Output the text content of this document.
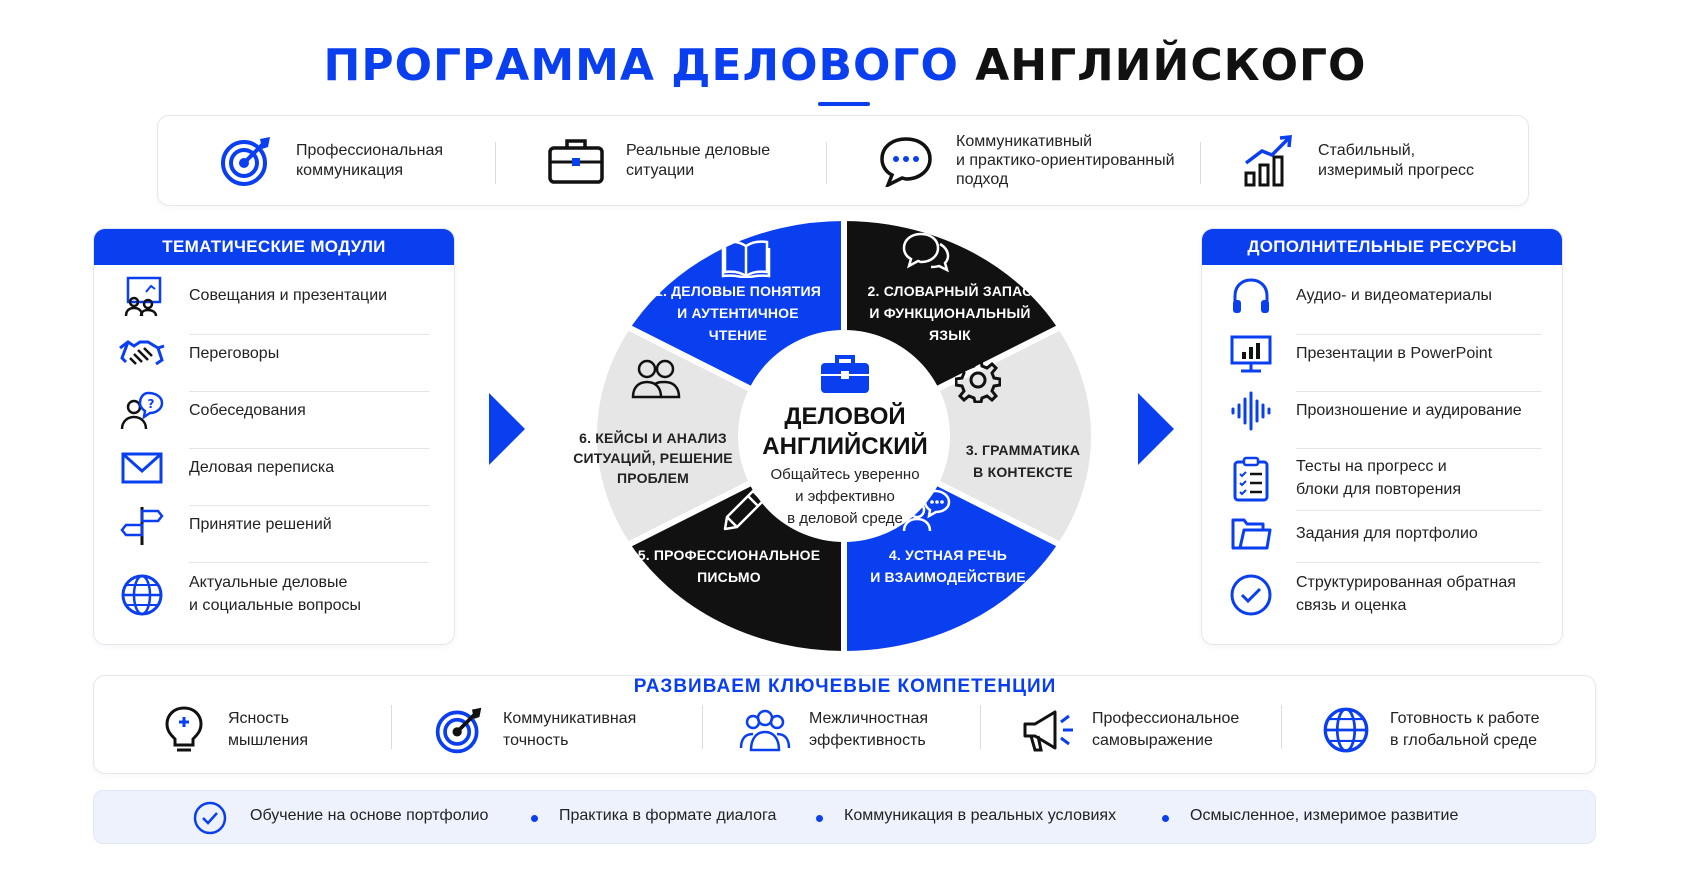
ПРОГРАММА ДЕЛОВОГО АНГЛИЙСКОГО
Профессиональная
коммуникация
Реальные деловые
ситуации
Коммуникативный
и практико-ориентированный
подход
Стабильный,
измеримый прогресс
ТЕМАТИЧЕСКИЕ МОДУЛИ
Совещания и презентации
Переговоры
? Собеседования
Деловая переписка
Принятие решений
Актуальные деловые
и социальные вопросы
ДОПОЛНИТЕЛЬНЫЕ РЕСУРСЫ
Аудио- и видеоматериалы
Презентации в PowerPoint
Произношение и аудирование
Тесты на прогресс и
блоки для повторения
Задания для портфолио
Структурированная обратная
связь и оценка
1. ДЕЛОВЫЕ ПОНЯТИЯ
И АУТЕНТИЧНОЕ
ЧТЕНИЕ
2. СЛОВАРНЫЙ ЗАПАС
И ФУНКЦИОНАЛЬНЫЙ
ЯЗЫК
3. ГРАММАТИКА
В КОНТЕКСТЕ
4. УСТНАЯ РЕЧЬ
И ВЗАИМОДЕЙСТВИЕ
5. ПРОФЕССИОНАЛЬНОЕ
ПИСЬМО
6. КЕЙСЫ И АНАЛИЗ
СИТУАЦИЙ, РЕШЕНИЕ
ПРОБЛЕМ
ДЕЛОВОЙ
АНГЛИЙСКИЙ
Общайтесь уверенно
и эффективно
в деловой среде
РАЗВИВАЕМ КЛЮЧЕВЫЕ КОМПЕТЕНЦИИ
Ясность
мышления
Коммуникативная
точность
Межличностная
эффективность
Профессиональное
самовыражение
Готовность к работе
в глобальной среде
Обучение на основе портфолио	Практика в формате диалога	Коммуникация в реальных условиях	Осмысленное, измеримое развитие
